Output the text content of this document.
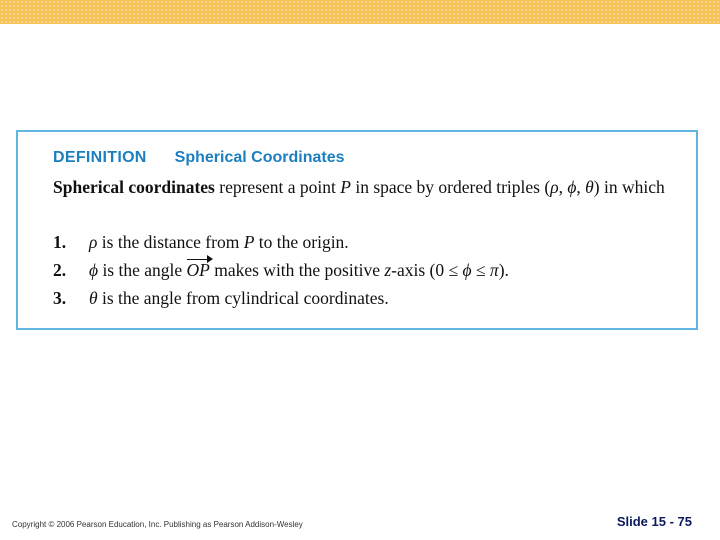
DEFINITION Spherical Coordinates
Spherical coordinates represent a point P in space by ordered triples (ρ, ϕ, θ) in which
1. ρ is the distance from P to the origin.
2. ϕ is the angle OP makes with the positive z-axis (0 ≤ ϕ ≤ π).
3. θ is the angle from cylindrical coordinates.
Copyright © 2006 Pearson Education, Inc. Publishing as Pearson Addison-Wesley	Slide 15 - 75
